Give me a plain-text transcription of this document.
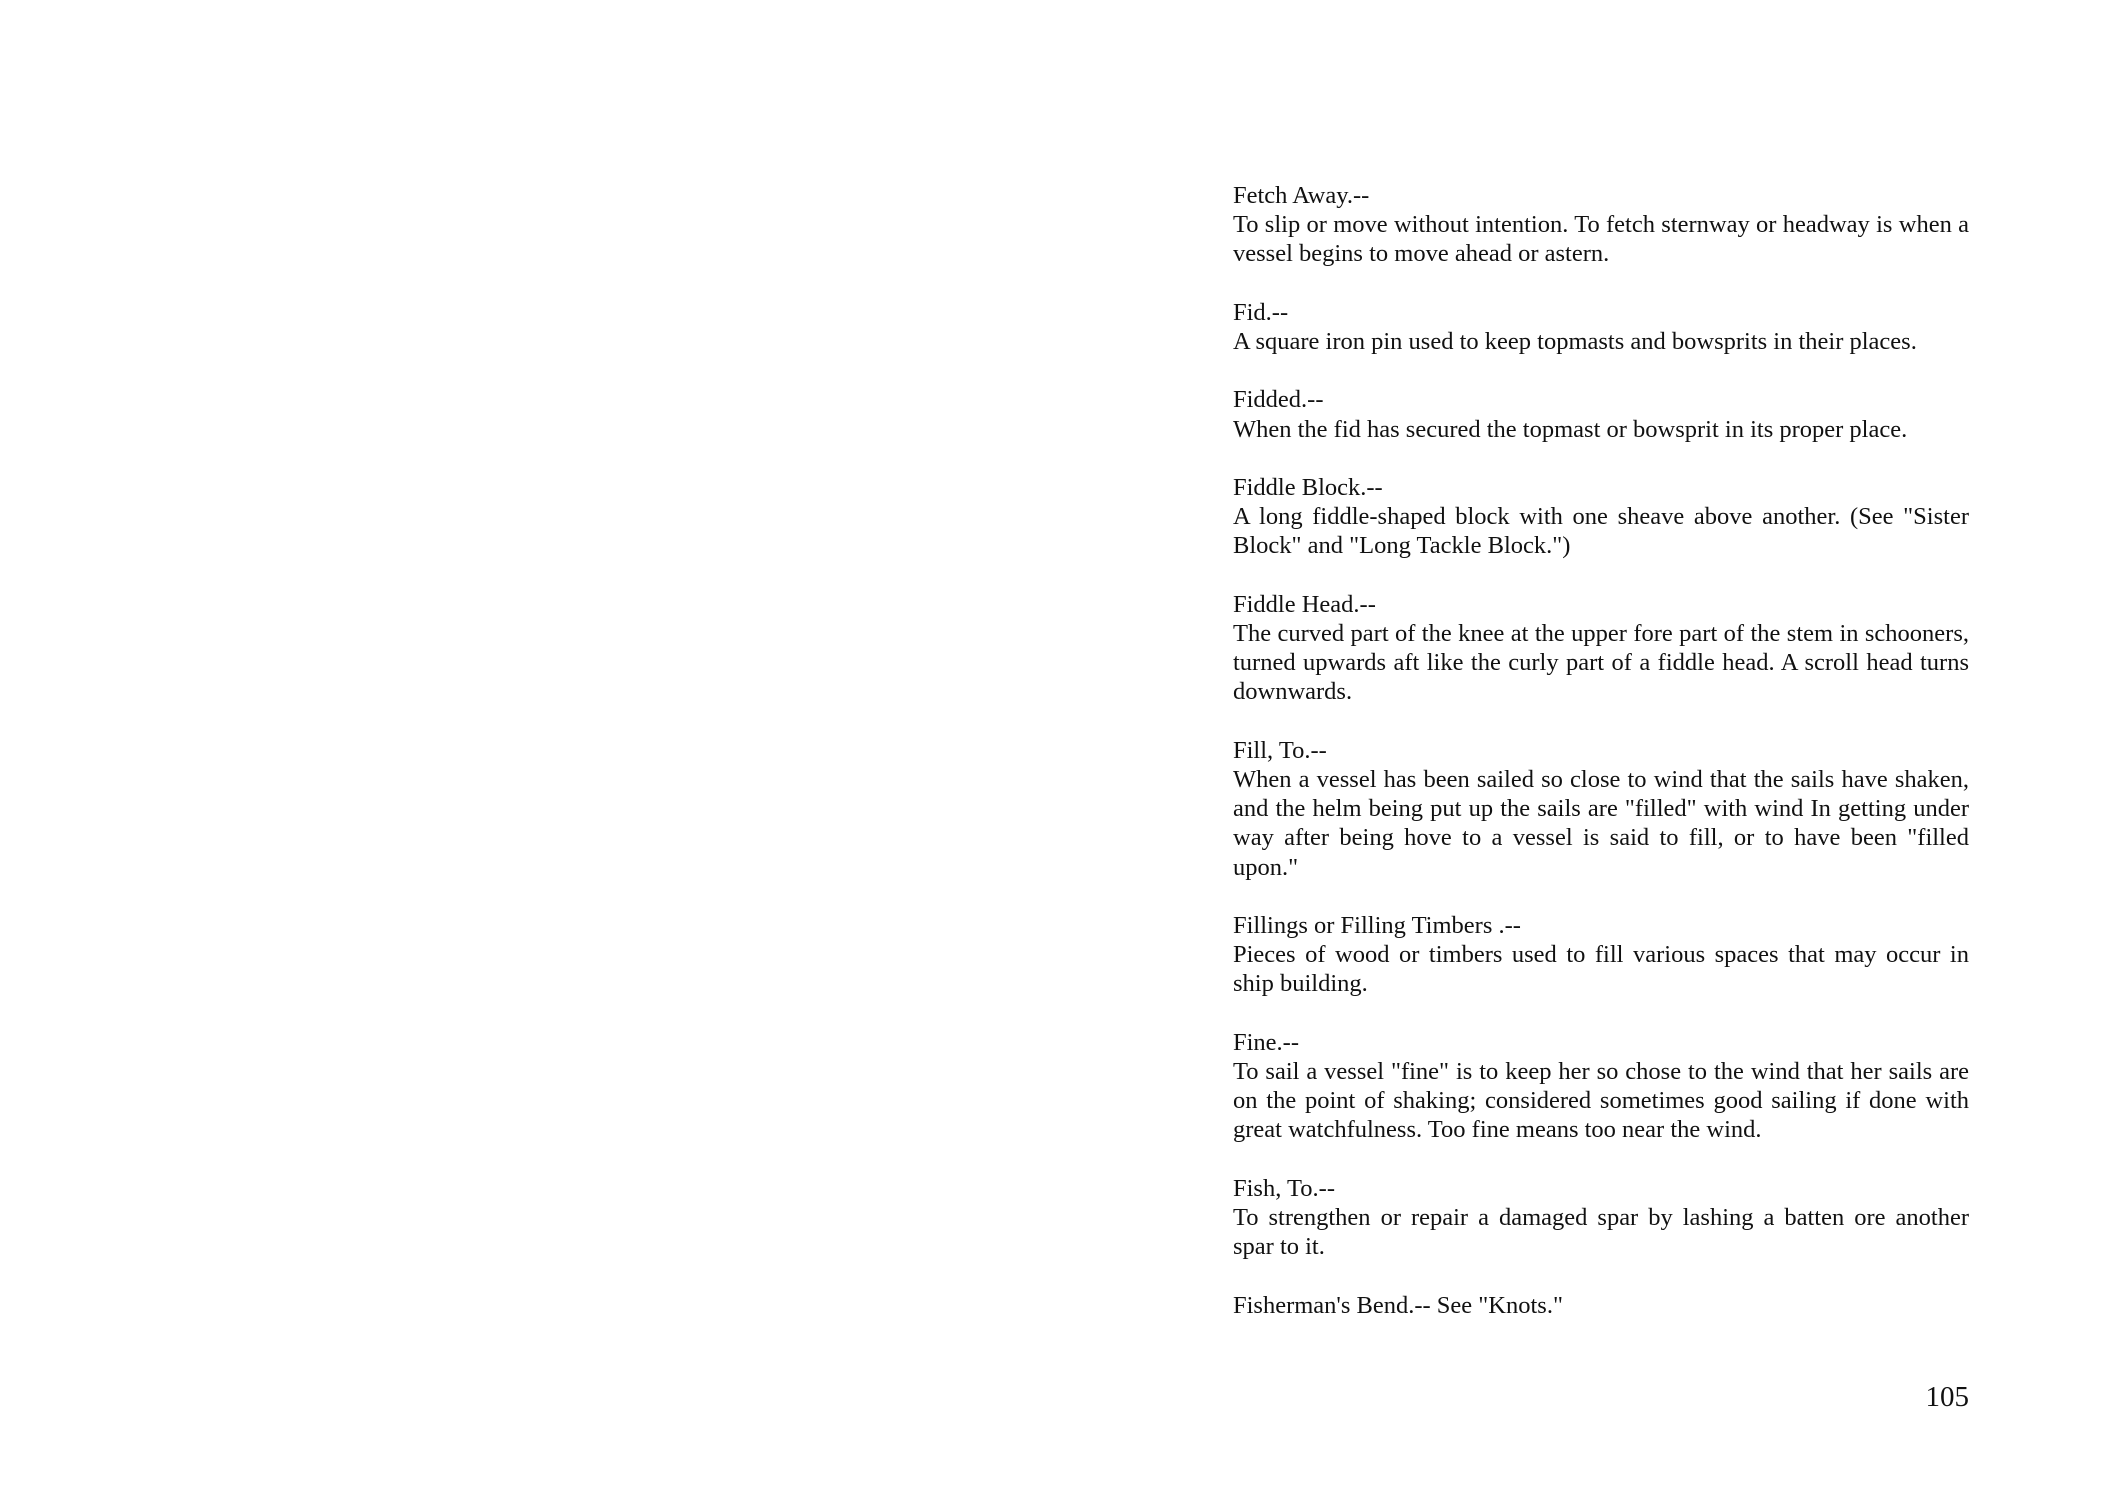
Fetch Away.--
To slip or move without intention. To fetch sternway or headway is when a vessel begins to move ahead or astern.
Fid.--
A square iron pin used to keep topmasts and bowsprits in their places.
Fidded.--
When the fid has secured the topmast or bowsprit in its proper place.
Fiddle Block.--
A long fiddle-shaped block with one sheave above another. (See "Sister Block" and "Long Tackle Block.")
Fiddle Head.--
The curved part of the knee at the upper fore part of the stem in schooners, turned upwards aft like the curly part of a fiddle head. A scroll head turns downwards.
Fill, To.--
When a vessel has been sailed so close to wind that the sails have shaken, and the helm being put up the sails are "filled" with wind In getting under way after being hove to a vessel is said to fill, or to have been "filled upon."
Fillings or Filling Timbers .--
Pieces of wood or timbers used to fill various spaces that may occur in ship building.
Fine.--
To sail a vessel "fine" is to keep her so chose to the wind that her sails are on the point of shaking; considered sometimes good sailing if done with great watchfulness. Too fine means too near the wind.
Fish, To.--
To strengthen or repair a damaged spar by lashing a batten ore another spar to it.
Fisherman's Bend.-- See "Knots."
105
